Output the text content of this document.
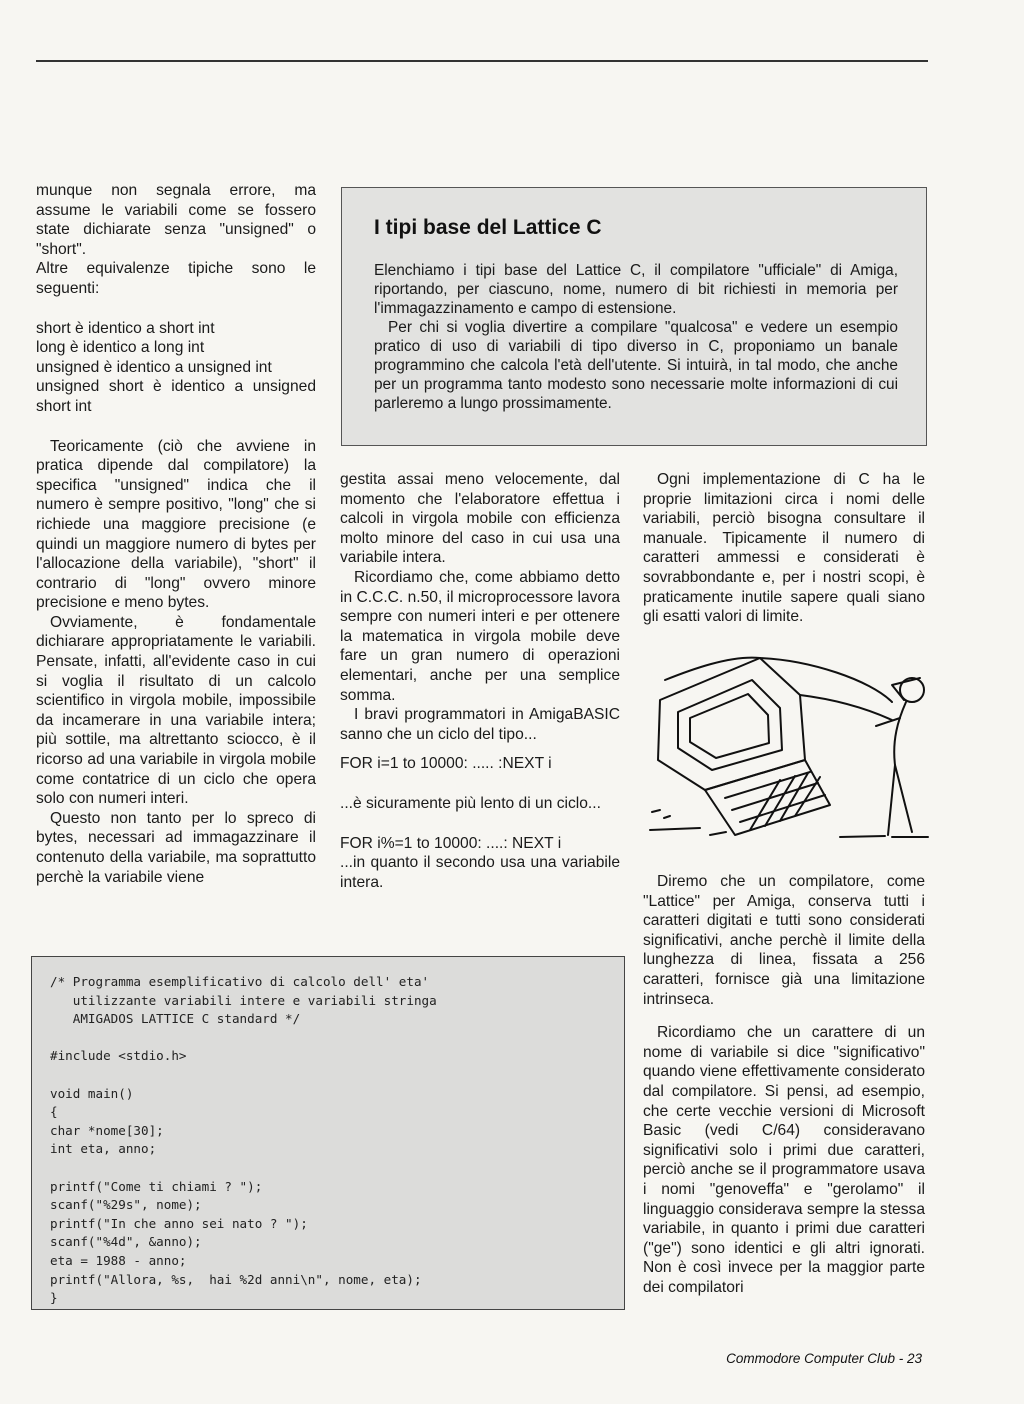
munque non segnala errore, ma assume le variabili come se fossero state dichiarate senza "unsigned" o "short".

Altre equivalenze tipiche sono le seguenti:

short è identico a short int

long è identico a long int

unsigned è identico a unsigned int

unsigned short è identico a unsigned short int

Teoricamente (ciò che avviene in pratica dipende dal compilatore) la specifica "unsigned" indica che il numero è sempre positivo, "long" che si richiede una maggiore precisione (e quindi un maggiore numero di bytes per l'allocazione della variabile), "short" il contrario di "long" ovvero minore precisione e meno bytes.

Ovviamente, è fondamentale dichiarare appropriatamente le variabili. Pensate, infatti, all'evidente caso in cui si voglia il risultato di un calcolo scientifico in virgola mobile, impossibile da incamerare in una variabile intera; più sottile, ma altrettanto sciocco, è il ricorso ad una variabile in virgola mobile come contatrice di un ciclo che opera solo con numeri interi.

Questo non tanto per lo spreco di bytes, necessari ad immagazzinare il contenuto della variabile, ma soprattutto perchè la variabile viene

I tipi base del Lattice C

Elenchiamo i tipi base del Lattice C, il compilatore "ufficiale" di Amiga, riportando, per ciascuno, nome, numero di bit richiesti in memoria per l'immagazzinamento e campo di estensione.

Per chi si voglia divertire a compilare "qualcosa" e vedere un esempio pratico di uso di variabili di tipo diverso in C, proponiamo un banale programmino che calcola l'età dell'utente. Si intuirà, in tal modo, che anche per un programma tanto modesto sono necessarie molte informazioni di cui parleremo a lungo prossimamente.

gestita assai meno velocemente, dal momento che l'elaboratore effettua i calcoli in virgola mobile con efficienza molto minore del caso in cui usa una variabile intera.

Ricordiamo che, come abbiamo detto in C.C.C. n.50, il microprocessore lavora sempre con numeri interi e per ottenere la matematica in virgola mobile deve fare un gran numero di operazioni elementari, anche per una semplice somma.

I bravi programmatori in AmigaBASIC sanno che un ciclo del tipo...

FOR i=1 to 10000: ..... :NEXT i

...è sicuramente più lento di un ciclo...

FOR i%=1 to 10000: ....: NEXT i

...in quanto il secondo usa una variabile intera.

Ogni implementazione di C ha le proprie limitazioni circa i nomi delle variabili, perciò bisogna consultare il manuale. Tipicamente il numero di caratteri ammessi e considerati è sovrabbondante e, per i nostri scopi, è praticamente inutile sapere quali siano gli esatti valori di limite.

Diremo che un compilatore, come "Lattice" per Amiga, conserva tutti i caratteri digitati e tutti sono considerati significativi, anche perchè il limite della lunghezza di linea, fissata a 256 caratteri, fornisce già una limitazione intrinseca.

Ricordiamo che un carattere di un nome di variabile si dice "significativo" quando viene effettivamente considerato dal compilatore. Si pensi, ad esempio, che certe vecchie versioni di Microsoft Basic (vedi C/64) consideravano significativi solo i primi due caratteri, perciò anche se il programmatore usava i nomi "genoveffa" e "gerolamo" il linguaggio considerava sempre la stessa variabile, in quanto i primi due caratteri ("ge") sono identici e gli altri ignorati. Non è così invece per la maggior parte dei compilatori

/* Programma esemplificativo di calcolo dell' eta'
utilizzante variabili intere e variabili stringa
AMIGADOS LATTICE C standard */

#include <stdio.h>

void main()
{
char *nome[30];
int eta, anno;

printf("Come ti chiami ? ");
scanf("%29s", nome);
printf("In che anno sei nato ? ");
scanf("%4d", &anno);
eta = 1988 - anno;
printf("Allora, %s,  hai %2d anni\n", nome, eta);
}

Commodore Computer Club - 23
